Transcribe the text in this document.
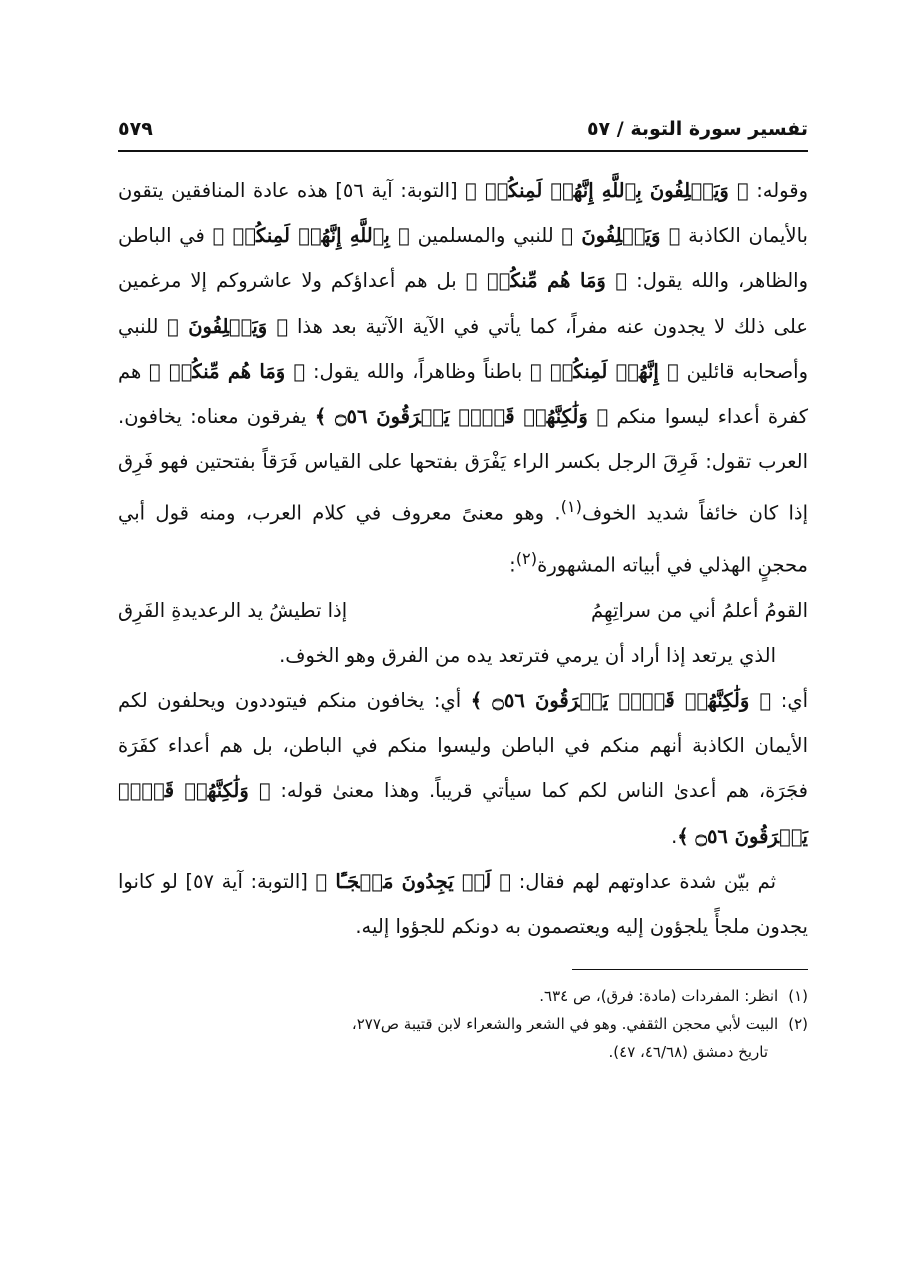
تفسير سورة التوبة / ٥٧
٥٧٩

وقوله: ﴿ وَيَحۡلِفُونَ بِٱللَّهِ إِنَّهُمۡ لَمِنكُمۡ ﴾ [التوبة: آية ٥٦] هذه عادة المنافقين يتقون بالأيمان الكاذبة ﴿ وَيَحۡلِفُونَ ﴾ للنبي والمسلمين ﴿ بِٱللَّهِ إِنَّهُمۡ لَمِنكُمۡ ﴾ في الباطن والظاهر، والله يقول: ﴿ وَمَا هُم مِّنكُمۡ ﴾ بل هم أعداؤكم ولا عاشروكم إلا مرغمين على ذلك لا يجدون عنه مفراً، كما يأتي في الآية الآتية بعد هذا ﴿ وَيَحۡلِفُونَ ﴾ للنبي وأصحابه قائلين ﴿ إِنَّهُمۡ لَمِنكُمۡ ﴾ باطناً وظاهراً، والله يقول: ﴿ وَمَا هُم مِّنكُمۡ ﴾ هم كفرة أعداء ليسوا منكم ﴿ وَلَٰكِنَّهُمۡ قَوۡمٞ يَفۡرَقُونَ ۝٥٦ ﴾ يفرقون معناه: يخافون. العرب تقول: فَرِقَ الرجل بكسر الراء يَفْرَق بفتحها على القياس فَرَقاً بفتحتين فهو فَرِق إذا كان خائفاً شديد الخوف$^{(١)}$. وهو معنىً معروف في كلام العرب، ومنه قول أبي محجنٍ الهذلي في أبياته المشهورة$^{(٢)}$:

القومُ أعلمُ أني من سراتِهِمُ
إذا تطيشُ يد الرعديدةِ الفَرِق

الذي يرتعد إذا أراد أن يرمي فترتعد يده من الفرق وهو الخوف.

أي: ﴿ وَلَٰكِنَّهُمۡ قَوۡمٞ يَفۡرَقُونَ ۝٥٦ ﴾ أي: يخافون منكم فيتوددون ويحلفون لكم الأيمان الكاذبة أنهم منكم في الباطن وليسوا منكم في الباطن، بل هم أعداء كفَرَة فجَرَة، هم أعدىٰ الناس لكم كما سيأتي قريباً. وهذا معنىٰ قوله: ﴿ وَلَٰكِنَّهُمۡ قَوۡمٞ يَفۡرَقُونَ ۝٥٦ ﴾.

ثم بيّن شدة عداوتهم لهم فقال: ﴿ لَوۡ يَجِدُونَ مَلۡجَـًٔا ﴾ [التوبة: آية ٥٧] لو كانوا يجدون ملجأً يلجؤون إليه ويعتصمون به دونكم للجؤوا إليه.

(١)
انظر: المفردات (مادة: فرق)، ص ٦٣٤.
(٢)
البيت لأبي محجن الثقفي. وهو في الشعر والشعراء لابن قتيبة ص٢٧٧،
تاريخ دمشق (٤٦/٦٨، ٤٧).
